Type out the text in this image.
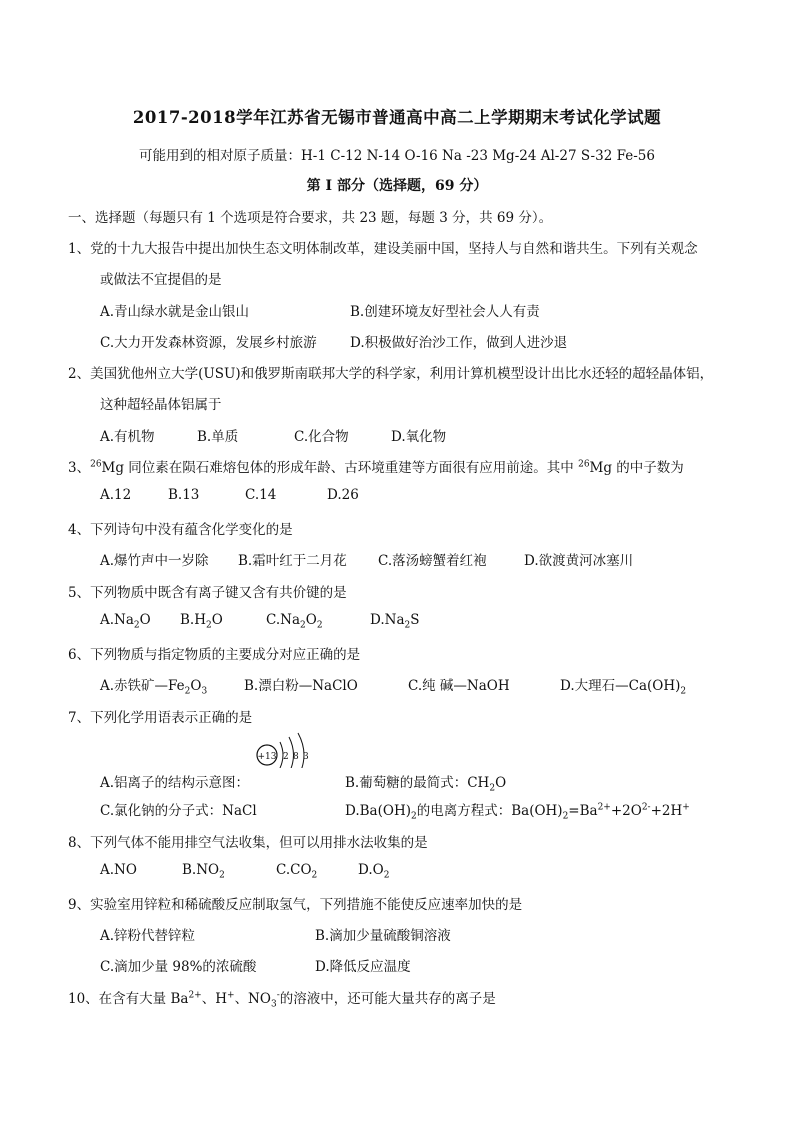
2017-2018学年江苏省无锡市普通高中高二上学期期末考试化学试题
可能用到的相对原子质量：H-1 C-12 N-14 O-16 Na -23 Mg-24 Al-27 S-32 Fe-56
第 I 部分（选择题，69 分）
一、选择题（每题只有 1 个选项是符合要求，共 23 题，每题 3 分，共 69 分）。
1、党的十九大报告中提出加快生态文明体制改革，建设美丽中国，坚持人与自然和谐共生。下列有关观念
或做法不宜提倡的是
A.青山绿水就是金山银山	B.创建环境友好型社会人人有责
C.大力开发森林资源，发展乡村旅游 D.积极做好治沙工作，做到人进沙退
2、美国犹他州立大学(USU)和俄罗斯南联邦大学的科学家，利用计算机模型设计出比水还轻的超轻晶体铝，
这种超轻晶体铝属于
A.有机物	B.单质	C.化合物	D.氧化物
3、$^{26}$Mg 同位素在陨石难熔包体的形成年龄、古环境重建等方面很有应用前途。其中 $^{26}$Mg 的中子数为
A.12	B.13	C.14	D.26
4、下列诗句中没有蕴含化学变化的是
A.爆竹声中一岁除 B.霜叶红于二月花 C.落汤螃蟹着红袍	D.欲渡黄河冰塞川
5、下列物质中既含有离子键又含有共价键的是
$A.Na_2O$ $B.H_2O$	$C.Na_2O_2$	$D.Na_2S$
6、下列物质与指定物质的主要成分对应正确的是
A.赤铁矿$—Fe_2O_3$	B.漂白粉—NaClO	C.纯 碱—NaOH	D.大理石$—Ca(OH)_2$
7、下列化学用语表示正确的是
A.铝离子的结构示意图：
+13 2 8 3
B.葡萄糖的最简式：$CH_2O$
C.氯化钠的分子式：NaCl	$D.Ba(OH)_2$的电离方程式：$Ba(OH)_2=Ba^{2+}+2O^{2-}+2H^+$
8、下列气体不能用排空气法收集，但可以用排水法收集的是
A.NO	$B.NO_2$	$C.CO_2$	$D.O_2$
9、实验室用锌粒和稀硫酸反应制取氢气，下列措施不能使反应速率加快的是
A.锌粉代替锌粒	B.滴加少量硫酸铜溶液
C.滴加少量 98%的浓硫酸	D.降低反应温度
10、在含有大量 $Ba^{2+}$、H+、$NO_3^-$的溶液中，还可能大量共存的离子是
